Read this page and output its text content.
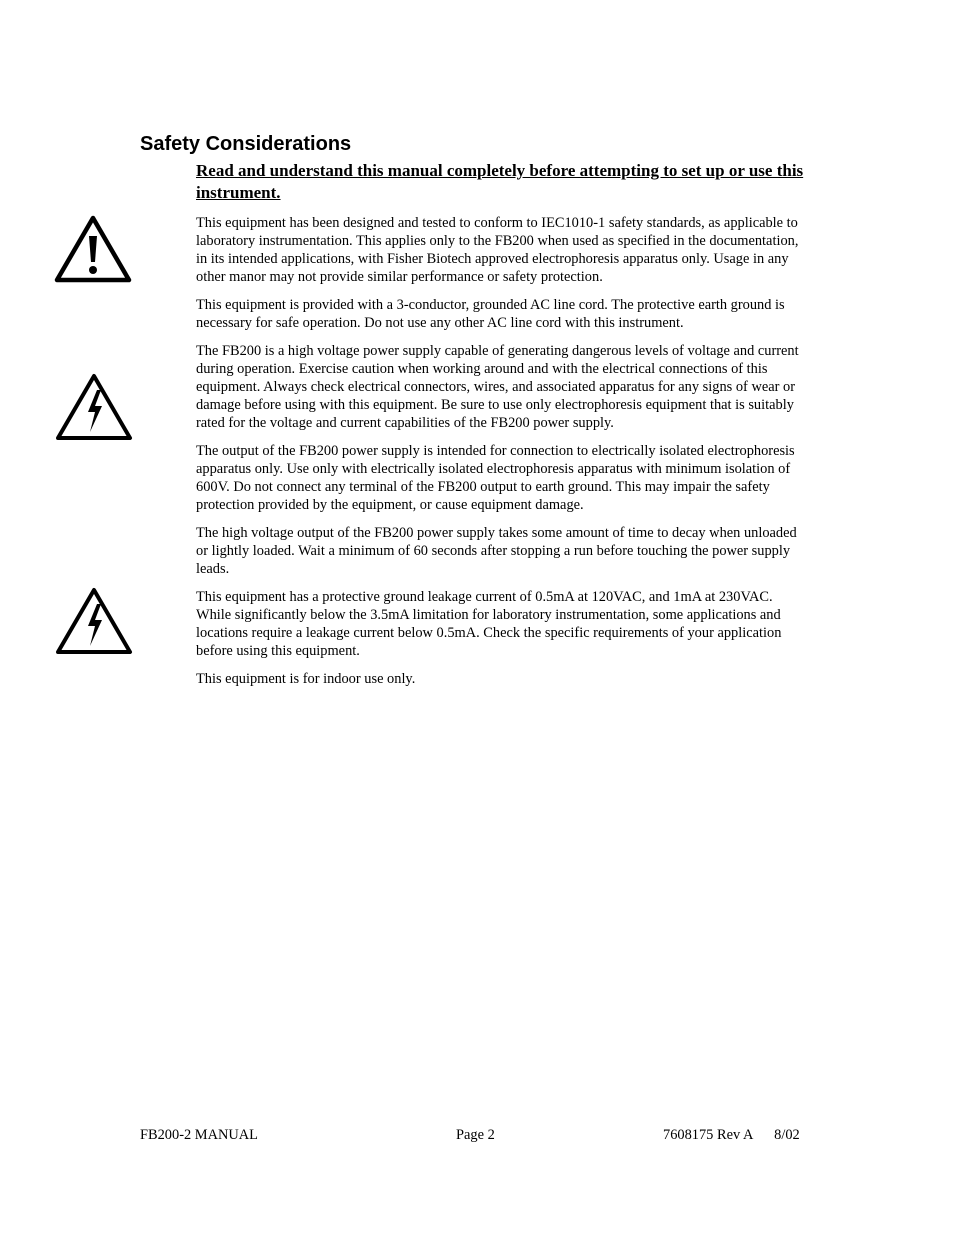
Safety Considerations

Read and understand this manual completely before attempting to set up or use this instrument.

This equipment has been designed and tested to conform to IEC1010-1 safety standards, as applicable to laboratory instrumentation. This applies only to the FB200 when used as specified in the documentation, in its intended applications, with Fisher Biotech approved electrophoresis apparatus only. Usage in any other manor may not provide similar performance or safety protection.

This equipment is provided with a 3-conductor, grounded AC line cord. The protective earth ground is necessary for safe operation. Do not use any other AC line cord with this instrument.

The FB200 is a high voltage power supply capable of generating dangerous levels of voltage and current during operation. Exercise caution when working around and with the electrical connections of this equipment. Always check electrical connectors, wires, and associated apparatus for any signs of wear or damage before using with this equipment. Be sure to use only electrophoresis equipment that is suitably rated for the voltage and current capabilities of the FB200 power supply.

The output of the FB200 power supply is intended for connection to electrically isolated electrophoresis apparatus only. Use only with electrically isolated electrophoresis apparatus with minimum isolation of 600V. Do not connect any terminal of the FB200 output to earth ground. This may impair the safety protection provided by the equipment, or cause equipment damage.

The high voltage output of the FB200 power supply takes some amount of time to decay when unloaded or lightly loaded. Wait a minimum of 60 seconds after stopping a run before touching the power supply leads.

This equipment has a protective ground leakage current of 0.5mA at 120VAC, and 1mA at 230VAC. While significantly below the 3.5mA limitation for laboratory instrumentation, some applications and locations require a leakage current below 0.5mA. Check the specific requirements of your application before using this equipment.

This equipment is for indoor use only.

FB200-2 MANUAL	Page 2	7608175 Rev A      8/02
